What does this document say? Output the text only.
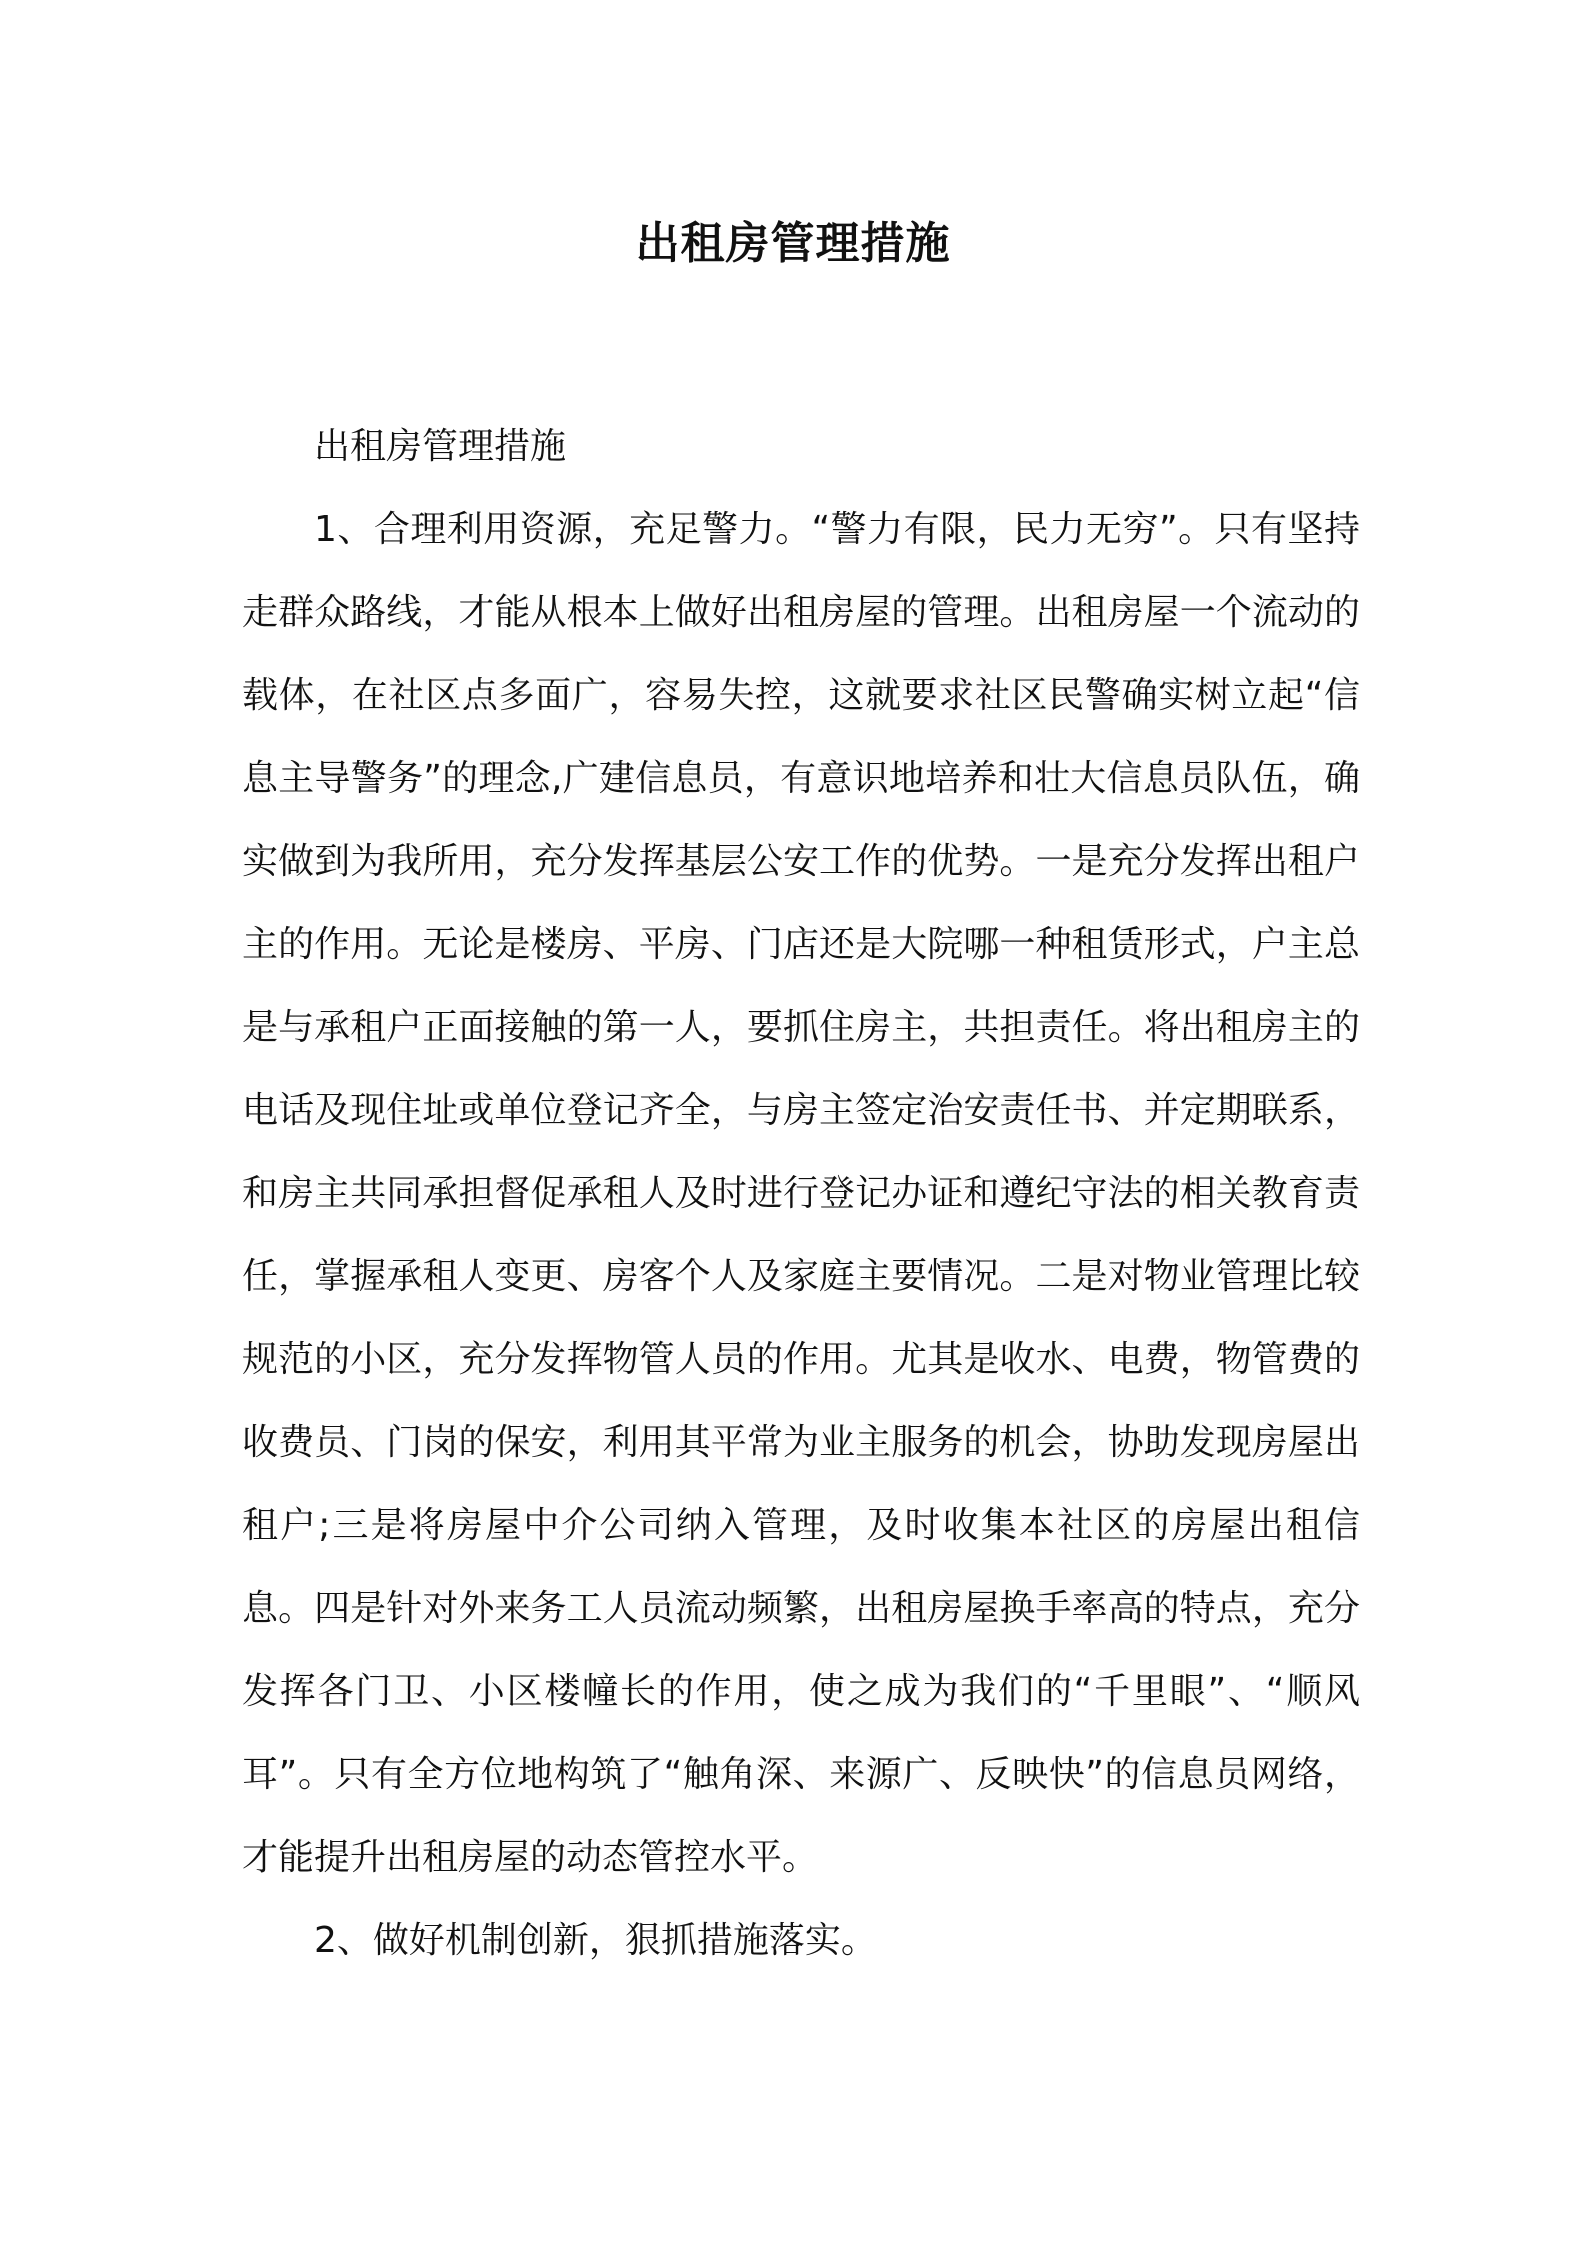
出租房管理措施

出租房管理措施

1、合理利用资源，充足警力。“警力有限，民力无穷”。只有坚持走群众路线，才能从根本上做好出租房屋的管理。出租房屋一个流动的载体，在社区点多面广，容易失控，这就要求社区民警确实树立起“信息主导警务”的理念,广建信息员，有意识地培养和壮大信息员队伍，确实做到为我所用，充分发挥基层公安工作的优势。一是充分发挥出租户主的作用。无论是楼房、平房、门店还是大院哪一种租赁形式，户主总是与承租户正面接触的第一人，要抓住房主，共担责任。将出租房主的电话及现住址或单位登记齐全，与房主签定治安责任书、并定期联系，和房主共同承担督促承租人及时进行登记办证和遵纪守法的相关教育责任，掌握承租人变更、房客个人及家庭主要情况。二是对物业管理比较规范的小区，充分发挥物管人员的作用。尤其是收水、电费，物管费的收费员、门岗的保安，利用其平常为业主服务的机会，协助发现房屋出租户;三是将房屋中介公司纳入管理，及时收集本社区的房屋出租信息。四是针对外来务工人员流动频繁，出租房屋换手率高的特点，充分发挥各门卫、小区楼幢长的作用，使之成为我们的“千里眼”、“顺风耳”。只有全方位地构筑了“触角深、来源广、反映快”的信息员网络，才能提升出租房屋的动态管控水平。

2、做好机制创新，狠抓措施落实。
